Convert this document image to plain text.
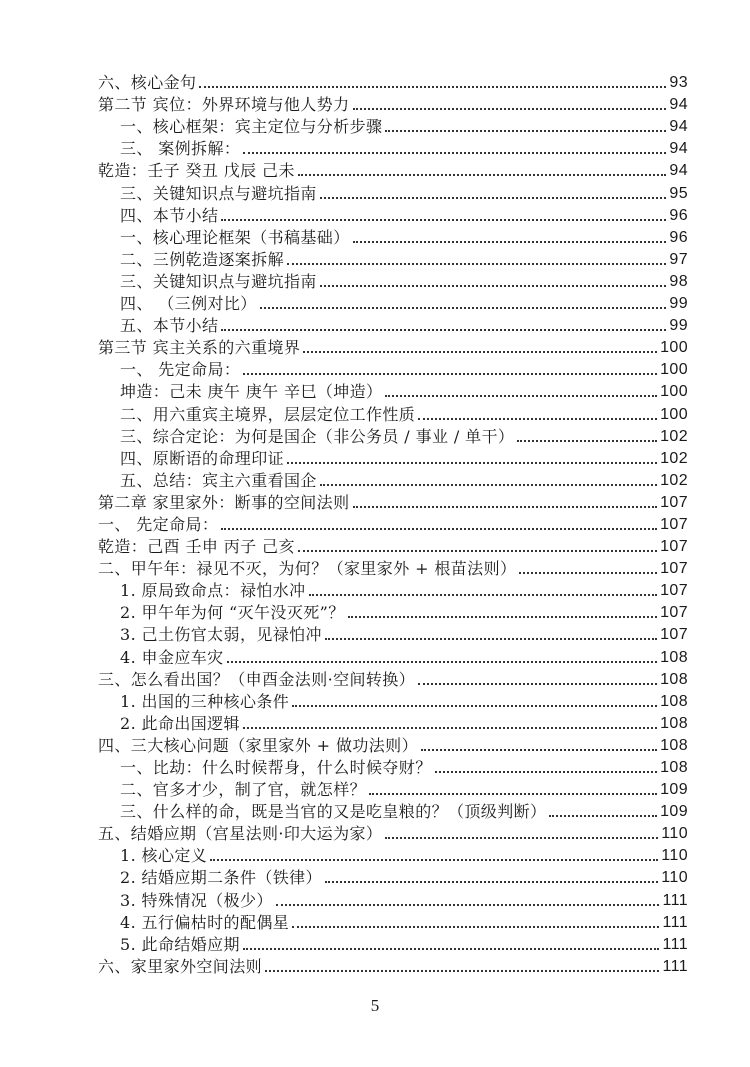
六、核心金句	93
第二节 宾位：外界环境与他人势力	94
一、核心框架：宾主定位与分析步骤	94
三、 案例拆解：	94
乾造：壬子 癸丑 戊辰 己未	94
三、关键知识点与避坑指南	95
四、本节小结	96
一、核心理论框架（书稿基础）	96
二、三例乾造逐案拆解	97
三、关键知识点与避坑指南	98
四、 （三例对比）	99
五、本节小结	99
第三节 宾主关系的六重境界	100
一、 先定命局：	100
坤造：己未 庚午 庚午 辛巳（坤造）	100
二、用六重宾主境界，层层定位工作性质	100
三、综合定论：为何是国企（非公务员 / 事业 / 单干）	102
四、原断语的命理印证	102
五、总结：宾主六重看国企	102
第二章 家里家外：断事的空间法则	107
一、 先定命局：	107
乾造：己酉 壬申 丙子 己亥	107
二、甲午年：禄见不灭，为何？（家里家外 + 根苗法则）	107
1. 原局致命点：禄怕水冲	107
2. 甲午年为何 “灭午没灭死”？	107
3. 己土伤官太弱，见禄怕冲	107
4. 申金应车灾	108
三、怎么看出国？（申酉金法则·空间转换）	108
1. 出国的三种核心条件	108
2. 此命出国逻辑	108
四、三大核心问题（家里家外 + 做功法则）	108
一、比劫：什么时候帮身，什么时候夺财？	108
二、官多才少，制了官，就怎样？	109
三、什么样的命，既是当官的又是吃皇粮的？（顶级判断）	109
五、结婚应期（宫星法则·印大运为家）	110
1. 核心定义	110
2. 结婚应期二条件（铁律）	110
3. 特殊情况（极少）	111
4. 五行偏枯时的配偶星	111
5. 此命结婚应期	111
六、家里家外空间法则	111
5
